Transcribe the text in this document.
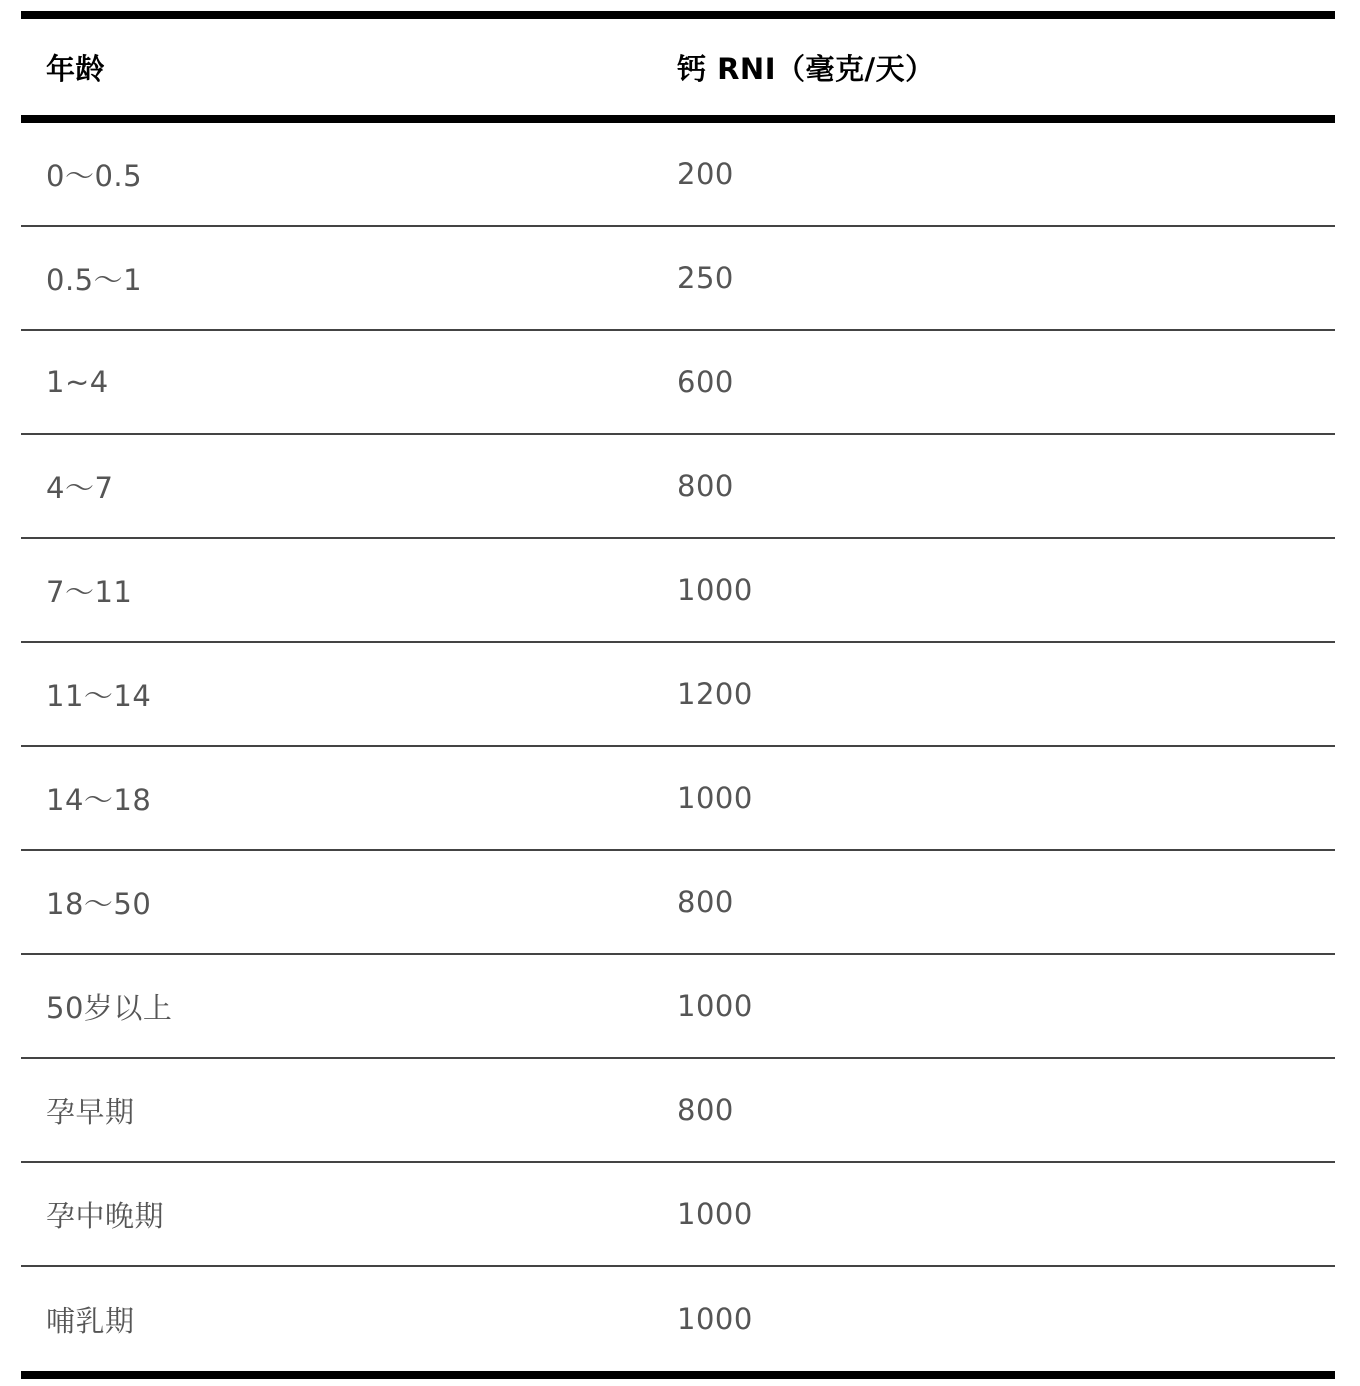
年龄	钙 RNI（毫克/天）
0～0.5	200
0.5～1	250
1~4	600
4～7	800
7～11	1000
11～14	1200
14～18	1000
18～50	800
50岁以上	1000
孕早期	800
孕中晚期	1000
哺乳期	1000
